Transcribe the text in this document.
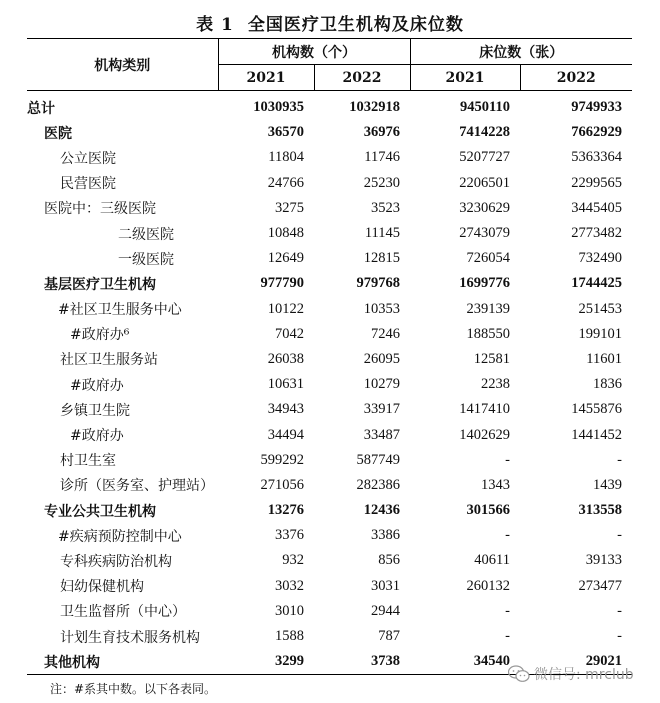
表 1 全国医疗卫生机构及床位数
机构类别	机构数（个）		床位数（张）	
	2021	2022	2021	2022
总计	1030935	1032918	9450110	9749933
医院	36570	36976	7414228	7662929
公立医院	11804	11746	5207727	5363364
民营医院	24766	25230	2206501	2299565
医院中：三级医院	3275	3523	3230629	3445405
二级医院	10848	11145	2743079	2773482
一级医院	12649	12815	726054	732490
基层医疗卫生机构	977790	979768	1699776	1744425
#社区卫生服务中心	10122	10353	239139	251453
#政府办⁶	7042	7246	188550	199101
社区卫生服务站	26038	26095	12581	11601
#政府办	10631	10279	2238	1836
乡镇卫生院	34943	33917	1417410	1455876
#政府办	34494	33487	1402629	1441452
村卫生室	599292	587749	-	-
诊所（医务室、护理站）	271056	282386	1343	1439
专业公共卫生机构	13276	12436	301566	313558
#疾病预防控制中心	3376	3386	-	-
专科疾病防治机构	932	856	40611	39133
妇幼保健机构	3032	3031	260132	273477
卫生监督所（中心）	3010	2944	-	-
计划生育技术服务机构	1588	787	-	-
其他机构	3299	3738	34540	29021
注：#系其中数。以下各表同。
微信号: mrclub
